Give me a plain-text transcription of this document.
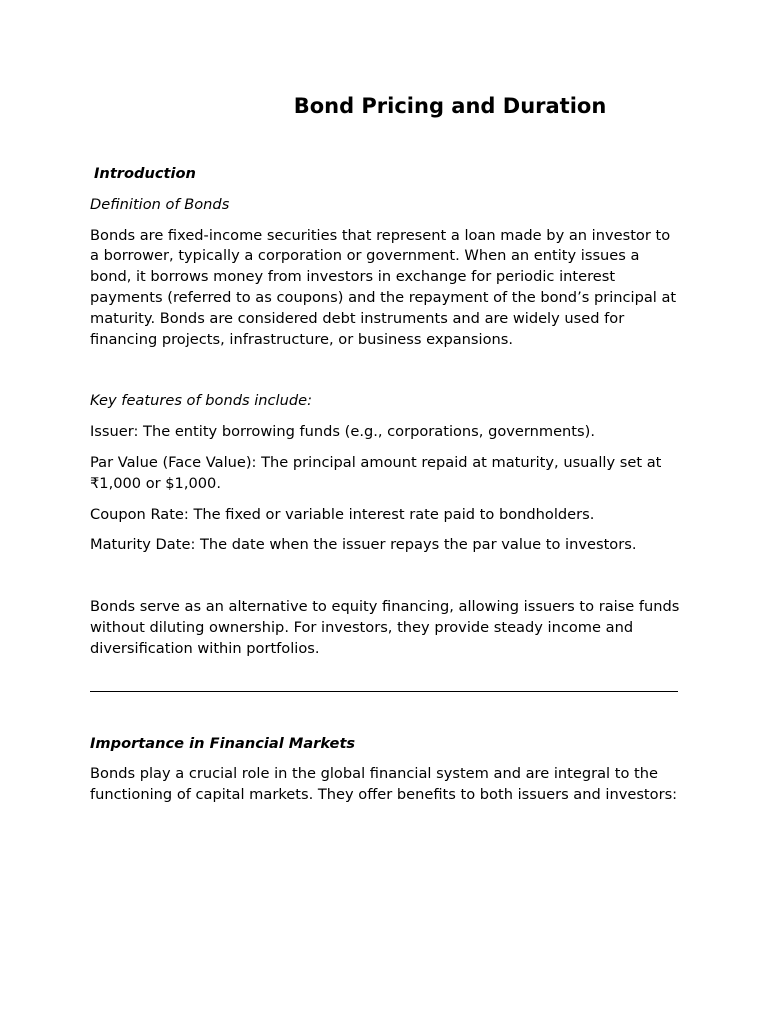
Bond Pricing and Duration
Introduction
Definition of Bonds

Bonds are fixed-income securities that represent a loan made by an investor to a borrower, typically a corporation or government. When an entity issues a bond, it borrows money from investors in exchange for periodic interest payments (referred to as coupons) and the repayment of the bond’s principal at maturity. Bonds are considered debt instruments and are widely used for financing projects, infrastructure, or business expansions.

Key features of bonds include:

Issuer: The entity borrowing funds (e.g., corporations, governments).

Par Value (Face Value): The principal amount repaid at maturity, usually set at ₹1,000 or $1,000.

Coupon Rate: The fixed or variable interest rate paid to bondholders.

Maturity Date: The date when the issuer repays the par value to investors.

Bonds serve as an alternative to equity financing, allowing issuers to raise funds without diluting ownership. For investors, they provide steady income and diversification within portfolios.

Importance in Financial Markets

Bonds play a crucial role in the global financial system and are integral to the functioning of capital markets. They offer benefits to both issuers and investors:
